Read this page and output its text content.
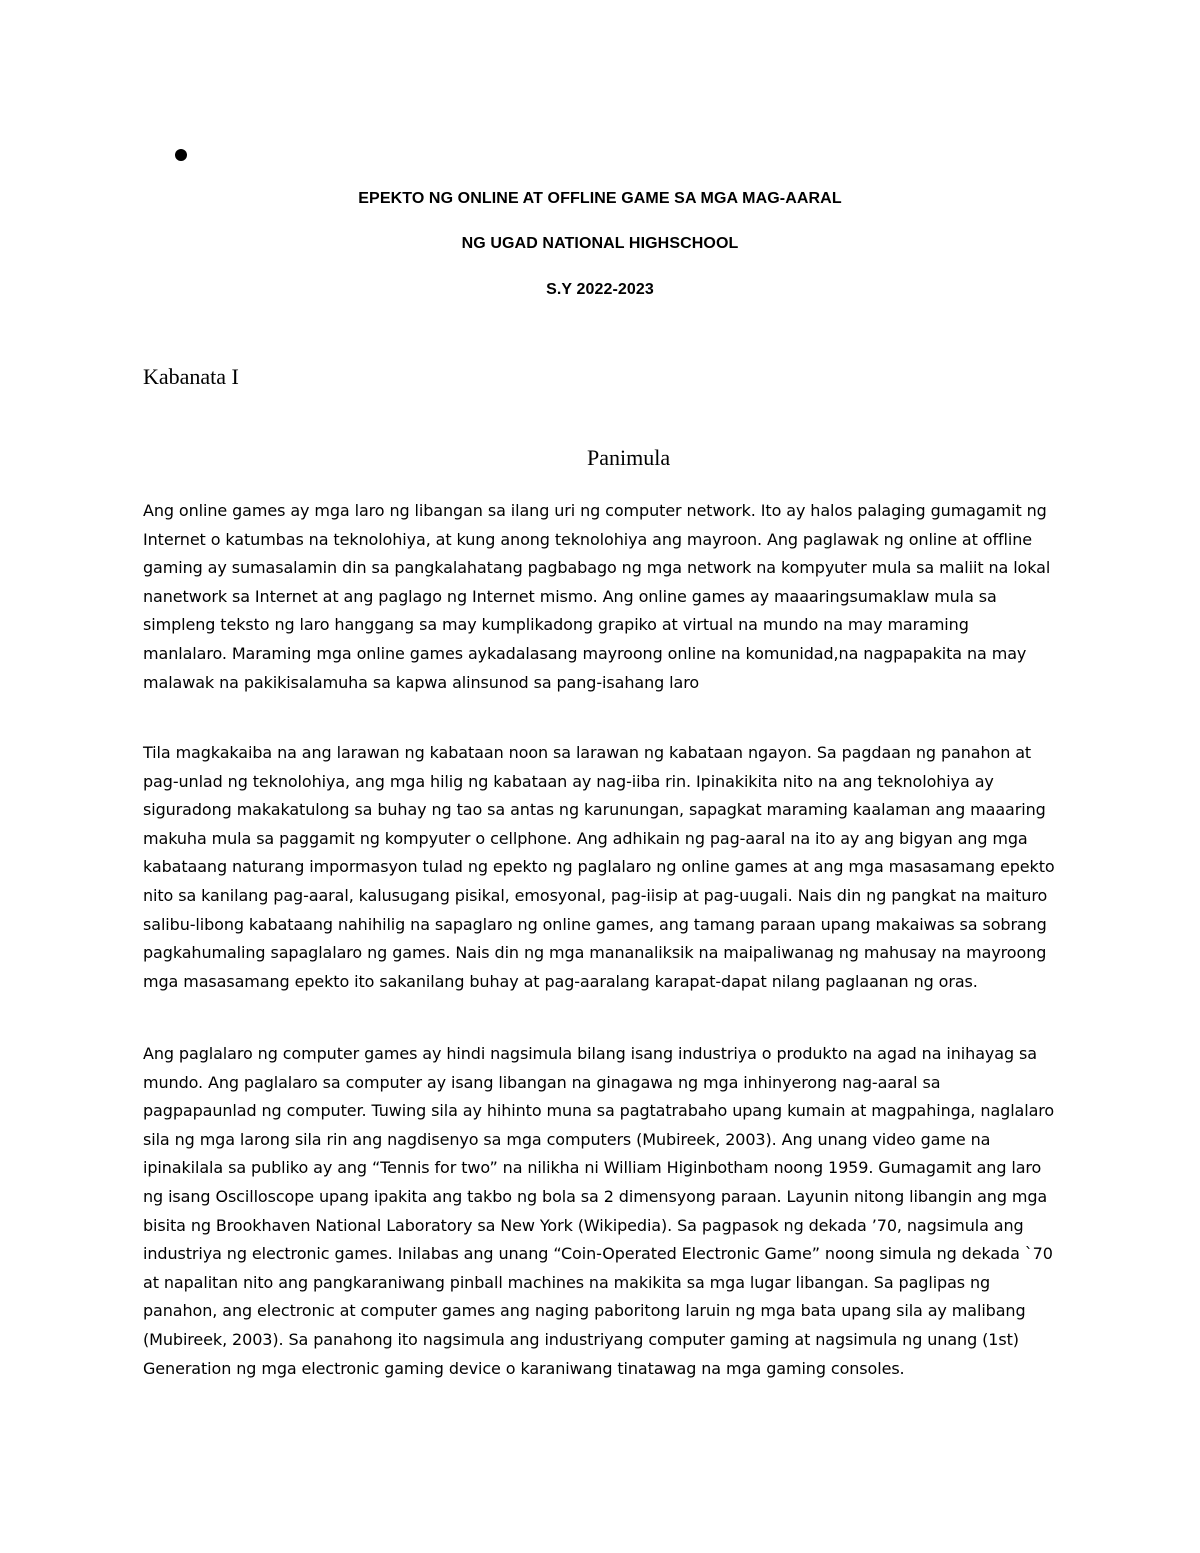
EPEKTO NG ONLINE AT OFFLINE GAME SA MGA MAG-AARAL
NG UGAD NATIONAL HIGHSCHOOL
S.Y 2022-2023
Kabanata I
Panimula

Ang online games ay mga laro ng libangan sa ilang uri ng computer network. Ito ay halos palaging gumagamit ng Internet o katumbas na teknolohiya, at kung anong teknolohiya ang mayroon. Ang paglawak ng online at offline gaming ay sumasalamin din sa pangkalahatang pagbabago ng mga network na kompyuter mula sa maliit na lokal nanetwork sa Internet at ang paglago ng Internet mismo. Ang online games ay maaaringsumaklaw mula sa simpleng teksto ng laro hanggang sa may kumplikadong grapiko at virtual na mundo na may maraming manlalaro. Maraming mga online games aykadalasang mayroong online na komunidad,na nagpapakita na may malawak na pakikisalamuha sa kapwa alinsunod sa pang-isahang laro

Tila magkakaiba na ang larawan ng kabataan noon sa larawan ng kabataan ngayon. Sa pagdaan ng panahon at pag-unlad ng teknolohiya, ang mga hilig ng kabataan ay nag-iiba rin. Ipinakikita nito na ang teknolohiya ay siguradong makakatulong sa buhay ng tao sa antas ng karunungan, sapagkat maraming kaalaman ang maaaring makuha mula sa paggamit ng kompyuter o cellphone. Ang adhikain ng pag-aaral na ito ay ang bigyan ang mga kabataang naturang impormasyon tulad ng epekto ng paglalaro ng online games at ang mga masasamang epekto nito sa kanilang pag-aaral, kalusugang pisikal, emosyonal, pag-iisip at pag-uugali. Nais din ng pangkat na maituro salibu-libong kabataang nahihilig na sapaglaro ng online games, ang tamang paraan upang makaiwas sa sobrang pagkahumaling sapaglalaro ng games. Nais din ng mga mananaliksik na maipaliwanag ng mahusay na mayroong mga masasamang epekto ito sakanilang buhay at pag-aaralang karapat-dapat nilang paglaanan ng oras.

Ang paglalaro ng computer games ay hindi nagsimula bilang isang industriya o produkto na agad na inihayag sa mundo. Ang paglalaro sa computer ay isang libangan na ginagawa ng mga inhinyerong nag-aaral sa pagpapaunlad ng computer. Tuwing sila ay hihinto muna sa pagtatrabaho upang kumain at magpahinga, naglalaro sila ng mga larong sila rin ang nagdisenyo sa mga computers (Mubireek, 2003). Ang unang video game na ipinakilala sa publiko ay ang “Tennis for two” na nilikha ni William Higinbotham noong 1959. Gumagamit ang laro ng isang Oscilloscope upang ipakita ang takbo ng bola sa 2 dimensyong paraan. Layunin nitong libangin ang mga bisita ng Brookhaven National Laboratory sa New York (Wikipedia). Sa pagpasok ng dekada ’70, nagsimula ang industriya ng electronic games. Inilabas ang unang “Coin-Operated Electronic Game” noong simula ng dekada `70 at napalitan nito ang pangkaraniwang pinball machines na makikita sa mga lugar libangan. Sa paglipas ng panahon, ang electronic at computer games ang naging paboritong laruin ng mga bata upang sila ay malibang (Mubireek, 2003). Sa panahong ito nagsimula ang industriyang computer gaming at nagsimula ng unang (1st) Generation ng mga electronic gaming device o karaniwang tinatawag na mga gaming consoles.
